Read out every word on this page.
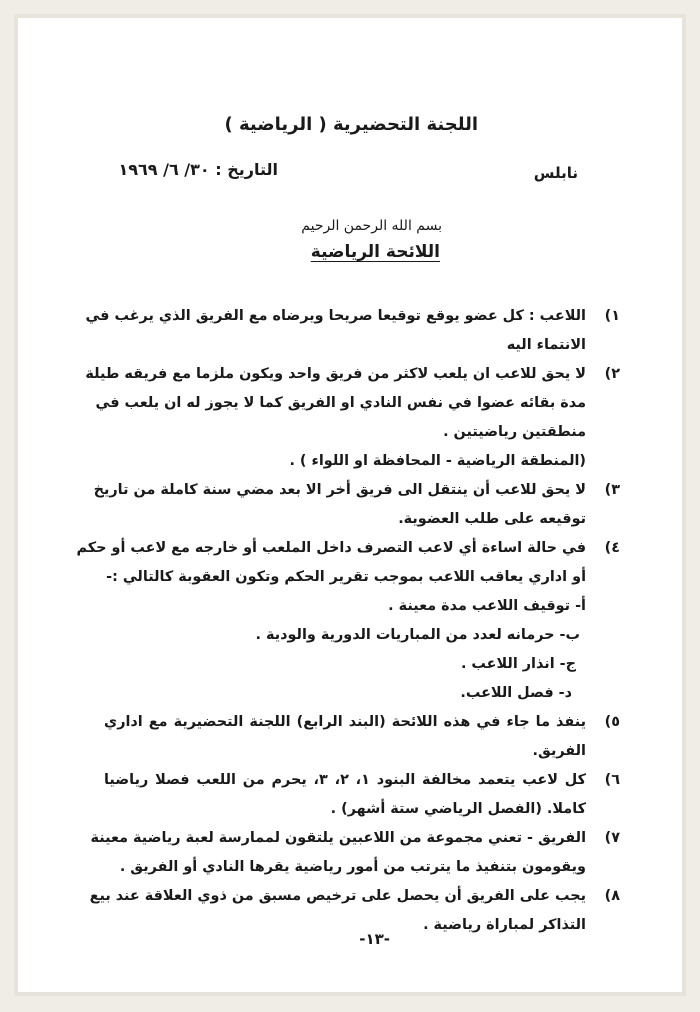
اللجنة التحضيرية ( الرياضية )
نابلس
التاريخ : ٣٠/ ٦/ ١٩٦٩
بسم الله الرحمن الرحيم
اللائحة الرياضية
١)
اللاعب : كل عضو يوقع توقيعا صريحا ويرضاه مع الفريق الذي يرغب في
الانتماء اليه
٢)
لا يحق للاعب ان يلعب لاكثر من فريق واحد ويكون ملزما مع فريقه طيلة
مدة بقائه عضوا في نفس النادي او الفريق كما لا يجوز له ان يلعب في
منطقتين رياضيتين .
(المنطقة الرياضية - المحافظة او اللواء ) .
٣)
لا يحق للاعب أن ينتقل الى فريق أخر الا بعد مضي سنة كاملة من تاريخ
توقيعه على طلب العضوية.
٤)
في حالة اساءة أي لاعب التصرف داخل الملعب أو خارجه مع لاعب أو حكم
أو اداري يعاقب اللاعب بموجب تقرير الحكم وتكون العقوبة كالتالي :-
أ- توقيف اللاعب مدة معينة .
ب- حرمانه لعدد من المباريات الدورية والودية .
ج- انذار اللاعب .
د- فصل اللاعب.
٥)
ينفذ ما جاء في هذه اللائحة (البند الرابع) اللجنة التحضيرية مع اداري
الفريق.
٦)
كل لاعب يتعمد مخالفة البنود ١، ٢، ٣، يحرم من اللعب فصلا رياضيا
كاملا. (الفصل الرياضي ستة أشهر) .
٧)
الفريق - تعني مجموعة من اللاعبين يلتقون لممارسة لعبة رياضية معينة
ويقومون بتنفيذ ما يترتب من أمور رياضية يقرها النادي أو الفريق .
٨)
يجب على الفريق أن يحصل على ترخيص مسبق من ذوي العلاقة عند بيع
التذاكر لمباراة رياضية .
-١٣-
